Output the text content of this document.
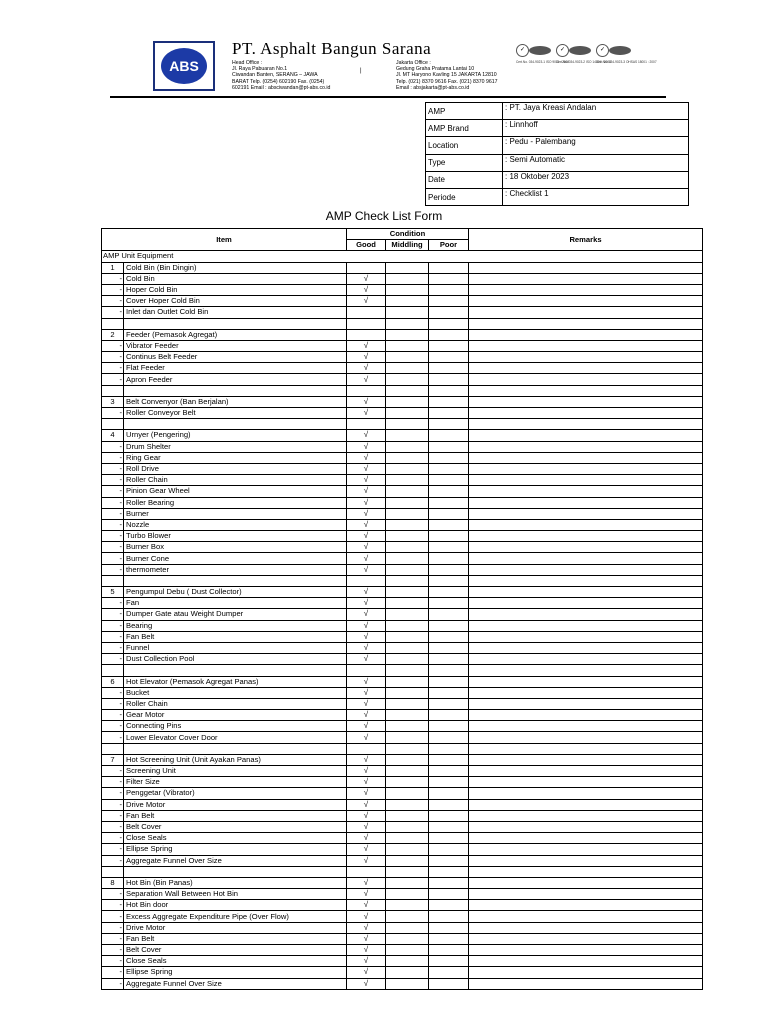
ABS
PT. Asphalt Bangun Sarana
Head Office :
Jl. Raya Pabuaran No.1
Ciwandan Banten, SERANG – JAWA
BARAT Telp. (0254) 602190 Fax. (0254)
602191 Email : absciwandan@pt-abs.co.id
|
Jakarta Office :
Gedung Graha Pratama Lantai 10
Jl. MT Haryono Kavling 15 JAKARTA 12810
Telp. (021) 8370 9616 Fax. (021) 8370 9617
Email : absjakarta@pt-abs.co.id
✓
Cert.No. 034-9023-1 ISO 9001 : 2008
✓
Cert.No. 034-9023-2 ISO 14001 : 2004
✓
Cert.No. 034-9023-3 OHSAS 18001 : 2007
AMP	: PT. Jaya Kreasi Andalan
AMP Brand	: Linnhoff
Location	: Pedu - Palembang
Type	: Semi Automatic
Date	: 18 Oktober 2023
Periode	: Checklist 1
AMP Check List Form
Item		Condition			Remarks
		Good	Middling	Poor	
AMP Unit Equipment					
1	Cold Bin (Bin Dingin)				
-	Cold Bin	√			
-	Hoper Cold Bin	√			
-	Cover Hoper Cold Bin	√			
-	Inlet dan Outlet Cold Bin				

2	Feeder (Pemasok Agregat)				
-	Vibrator Feeder	√			
-	Continus Belt Feeder	√			
-	Flat Feeder	√			
-	Apron Feeder	√			

3	Belt Convenyor (Ban Berjalan)	√			
-	Roller Conveyor Belt	√			

4	Urnyer (Pengering)	√			
-	Drum Shelter	√			
-	Ring Gear	√			
-	Roll Drive	√			
-	Roller Chain	√			
-	Pinion Gear Wheel	√			
-	Roller Bearing	√			
-	Burner	√			
-	Nozzle	√			
-	Turbo Blower	√			
-	Burner Box	√			
-	Burner Cone	√			
-	thermometer	√			

5	Pengumpul Debu ( Dust Collector)	√			
-	Fan	√			
-	Dumper Gate atau Weight Dumper	√			
-	Bearing	√			
-	Fan Belt	√			
-	Funnel	√			
-	Dust Collection Pool	√			

6	Hot Elevator (Pemasok Agregat Panas)	√			
-	Bucket	√			
-	Roller Chain	√			
-	Gear Motor	√			
-	Connecting Pins	√			
-	Lower Elevator Cover Door	√			

7	Hot Screening Unit (Unit Ayakan Panas)	√			
-	Screening Unit	√			
-	Filter Size	√			
-	Penggetar (Vibrator)	√			
-	Drive Motor	√			
-	Fan Belt	√			
-	Belt Cover	√			
-	Close Seals	√			
-	Ellipse Spring	√			
-	Aggregate Funnel Over Size	√			

8	Hot Bin (Bin Panas)	√			
-	Separation Wall Between Hot Bin	√			
-	Hot Bin door	√			
-	Excess Aggregate Expenditure Pipe (Over Flow)	√			
-	Drive Motor	√			
-	Fan Belt	√			
-	Belt Cover	√			
-	Close Seals	√			
-	Ellipse Spring	√			
-	Aggregate Funnel Over Size	√			
